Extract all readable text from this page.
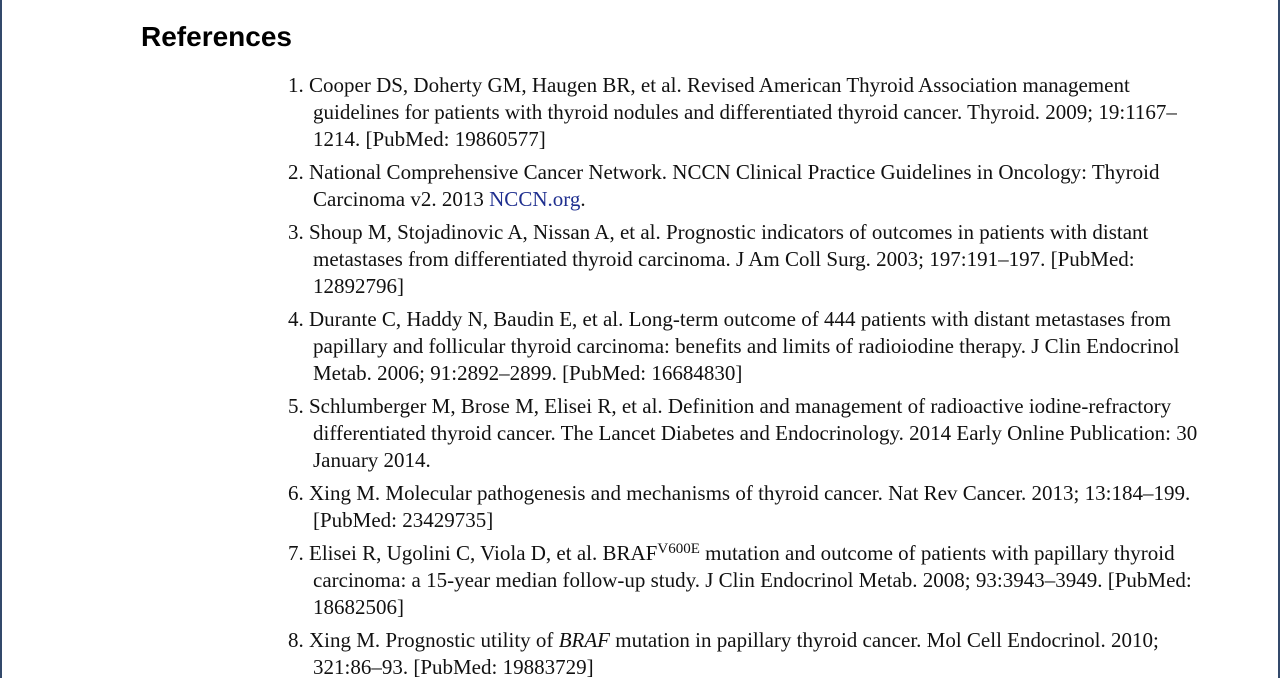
References
1. Cooper DS, Doherty GM, Haugen BR, et al. Revised American Thyroid Association management guidelines for patients with thyroid nodules and differentiated thyroid cancer. Thyroid. 2009; 19:1167–1214. [PubMed: 19860577]
2. National Comprehensive Cancer Network. NCCN Clinical Practice Guidelines in Oncology: Thyroid Carcinoma v2. 2013 NCCN.org.
3. Shoup M, Stojadinovic A, Nissan A, et al. Prognostic indicators of outcomes in patients with distant metastases from differentiated thyroid carcinoma. J Am Coll Surg. 2003; 197:191–197. [PubMed: 12892796]
4. Durante C, Haddy N, Baudin E, et al. Long-term outcome of 444 patients with distant metastases from papillary and follicular thyroid carcinoma: benefits and limits of radioiodine therapy. J Clin Endocrinol Metab. 2006; 91:2892–2899. [PubMed: 16684830]
5. Schlumberger M, Brose M, Elisei R, et al. Definition and management of radioactive iodine-refractory differentiated thyroid cancer. The Lancet Diabetes and Endocrinology. 2014 Early Online Publication: 30 January 2014.
6. Xing M. Molecular pathogenesis and mechanisms of thyroid cancer. Nat Rev Cancer. 2013; 13:184–199. [PubMed: 23429735]
7. Elisei R, Ugolini C, Viola D, et al. $BRAF^{V600E}$ mutation and outcome of patients with papillary thyroid carcinoma: a 15-year median follow-up study. J Clin Endocrinol Metab. 2008; 93:3943–3949. [PubMed: 18682506]
8. Xing M. Prognostic utility of BRAF mutation in papillary thyroid cancer. Mol Cell Endocrinol. 2010; 321:86–93. [PubMed: 19883729]
